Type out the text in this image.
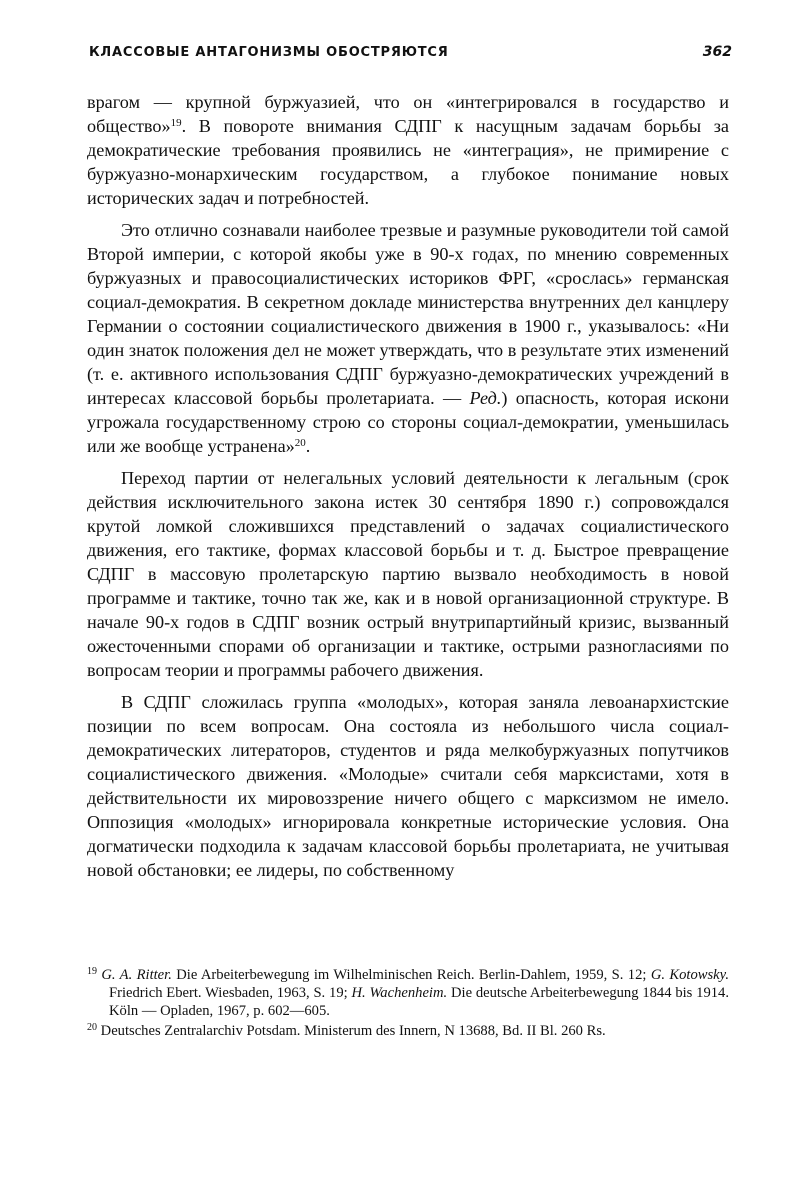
КЛАССОВЫЕ АНТАГОНИЗМЫ ОБОСТРЯЮТСЯ	362

врагом — крупной буржуазией, что он «интегрировался в государство и общество»$^{19}$. В повороте внимания СДПГ к насущным задачам борьбы за демократические требования проявились не «интеграция», не примирение с буржуазно-монархическим государством, а глубокое понимание новых исторических задач и потребностей.

Это отлично сознавали наиболее трезвые и разумные руководители той самой Второй империи, с которой якобы уже в 90-х годах, по мнению современных буржуазных и правосоциалистических историков ФРГ, «срослась» германская социал-демократия. В секретном докладе министерства внутренних дел канцлеру Германии о состоянии социалистического движения в 1900 г., указывалось: «Ни один знаток положения дел не может утверждать, что в результате этих изменений (т. е. активного использования СДПГ буржуазно-демократических учреждений в интересах классовой борьбы пролетариата. — Ред.) опасность, которая искони угрожала государственному строю со стороны социал-демократии, уменьшилась или же вообще устранена»$^{20}$.

Переход партии от нелегальных условий деятельности к легальным (срок действия исключительного закона истек 30 сентября 1890 г.) сопровождался крутой ломкой сложившихся представлений о задачах социалистического движения, его тактике, формах классовой борьбы и т. д. Быстрое превращение СДПГ в массовую пролетарскую партию вызвало необходимость в новой программе и тактике, точно так же, как и в новой организационной структуре. В начале 90-х годов в СДПГ возник острый внутрипартийный кризис, вызванный ожесточенными спорами об организации и тактике, острыми разногласиями по вопросам теории и программы рабочего движения.

В СДПГ сложилась группа «молодых», которая заняла левоанархистские позиции по всем вопросам. Она состояла из небольшого числа социал-демократических литераторов, студентов и ряда мелкобуржуазных попутчиков социалистического движения. «Молодые» считали себя марксистами, хотя в действительности их мировоззрение ничего общего с марксизмом не имело. Оппозиция «молодых» игнорировала конкретные исторические условия. Она догматически подходила к задачам классовой борьбы пролетариата, не учитывая новой обстановки; ее лидеры, по собственному

$^{19}$ G. A. Ritter. Die Arbeiterbewegung im Wilhelminischen Reich. Berlin-Dahlem, 1959, S. 12; G. Kotowsky. Friedrich Ebert. Wiesbaden, 1963, S. 19; H. Wachenheim. Die deutsche Arbeiterbewegung 1844 bis 1914. Köln — Opladen, 1967, p. 602—605.

$^{20}$ Deutsches Zentralarchiv Potsdam. Ministerum des Innern, N 13688, Bd. II Bl. 260 Rs.
